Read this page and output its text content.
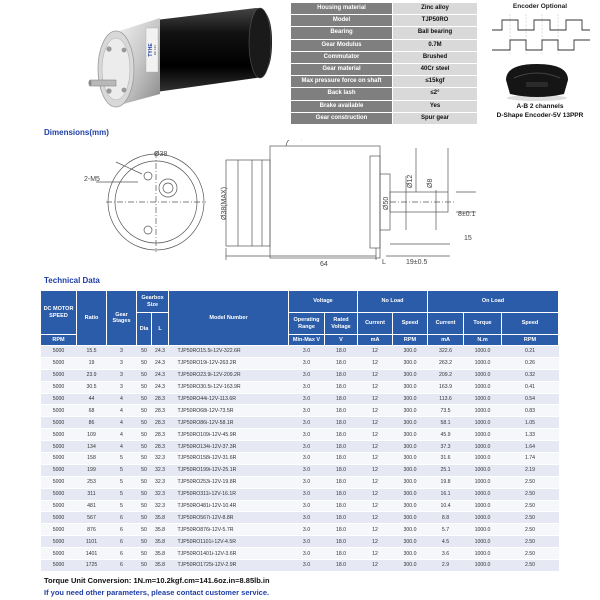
TYHE DC 12V
Housing material	Zinc alloy
Model	TJP50RO
Bearing	Ball bearing
Gear Modulus	0.7M
Commutator	Brushed
Gear material	40Cr steel
Max pressure force on shaft	≤15kgf
Back lash	≤2°
Brake available	Yes
Gear construction	Spur gear
Encoder Optional
A-B 2 channels
D-Shape Encoder-5V 13PPR
Dimensions(mm)
Ø38
2-M5
Ø38(MAX)	Ø50
Ø12 Ø8
8±0.1
15
64	19±0.5
L
Technical Data
DC MOTOR SPEED	Ratio	Gear Stages	Gearbox Size		Model Number	Voltage		No Load		On Load			
			Dia	L		Operating Range	Rated Voltage	Current	Speed	Current	Torque	Speed	
RPM						Min-Max V	V	mA	RPM	mA	N.m	RPM	
5000	15.5	3	50	24.3	TJP50RO15.5i-12V-322.6R	3.0	18.0	12	300.0	322.6	1000.0	0.21	
5000	19	3	50	24.3	TJP50RO19i-12V-263.2R	3.0	18.0	12	300.0	263.2	1000.0	0.26	
5000	23.9	3	50	24.3	TJP50RO23.9i-12V-209.2R	3.0	18.0	12	300.0	209.2	1000.0	0.32	
5000	30.5	3	50	24.3	TJP50RO30.5i-12V-163.9R	3.0	18.0	12	300.0	163.9	1000.0	0.41	
5000	44	4	50	28.3	TJP50RO44i-12V-113.6R	3.0	18.0	12	300.0	113.6	1000.0	0.54	
5000	68	4	50	28.3	TJP50RO68i-12V-73.5R	3.0	18.0	12	300.0	73.5	1000.0	0.83	
5000	86	4	50	28.3	TJP50RO86i-12V-58.1R	3.0	18.0	12	300.0	58.1	1000.0	1.05	
5000	109	4	50	28.3	TJP50RO109i-12V-45.9R	3.0	18.0	12	300.0	45.9	1000.0	1.33	
5000	134	4	50	28.3	TJP50RO134i-12V-37.3R	3.0	18.0	12	300.0	37.3	1000.0	1.64	
5000	158	5	50	32.3	TJP50RO158i-12V-31.6R	3.0	18.0	12	300.0	31.6	1000.0	1.74	
5000	199	5	50	32.3	TJP50RO199i-12V-25.1R	3.0	18.0	12	300.0	25.1	1000.0	2.19	
5000	253	5	50	32.3	TJP50RO253i-12V-19.8R	3.0	18.0	12	300.0	19.8	1000.0	2.50	
5000	311	5	50	32.3	TJP50RO311i-12V-16.1R	3.0	18.0	12	300.0	16.1	1000.0	2.50	
5000	481	5	50	32.3	TJP50RO481i-12V-10.4R	3.0	18.0	12	300.0	10.4	1000.0	2.50	
5000	567	6	50	35.8	TJP50RO567i-12V-8.8R	3.0	18.0	12	300.0	8.8	1000.0	2.50	
5000	876	6	50	35.8	TJP50RO876i-12V-5.7R	3.0	18.0	12	300.0	5.7	1000.0	2.50	
5000	1101	6	50	35.8	TJP50RO1101i-12V-4.5R	3.0	18.0	12	300.0	4.5	1000.0	2.50	
5000	1401	6	50	35.8	TJP50RO1401i-12V-3.6R	3.0	18.0	12	300.0	3.6	1000.0	2.50	
5000	1725	6	50	35.8	TJP50RO1725i-12V-2.9R	3.0	18.0	12	300.0	2.9	1000.0	2.50	
Torque Unit Conversion: 1N.m=10.2kgf.cm=141.6oz.in=8.85lb.in
If you need other parameters, please contact customer service.
